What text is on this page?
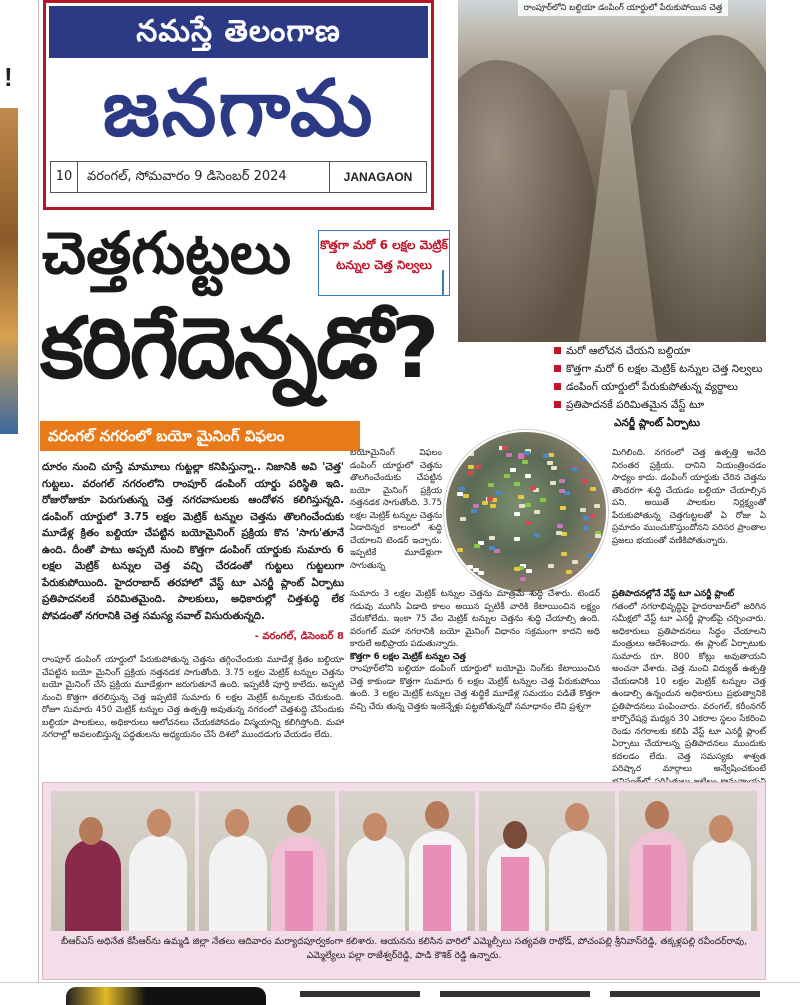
!
నమస్తే తెలంగాణ
జనగామ
10	వరంగల్, సోమవారం 9 డిసెంబర్ 2024	JANAGAON
రాంపూర్‌లోని బల్దియా డంపింగ్ యార్డులో పేరుకుపోయిన చెత్త
చెత్తగుట్టలు కొత్తగా మరో 6 లక్షల మెట్రిక్ టన్నుల చెత్త నిల్వలు
కరిగేదెన్నడో?	మరో ఆలోచన చేయని బల్దియా
కొత్తగా మరో 6 లక్షల మెట్రిక్ టన్నుల చెత్త నిల్వలు
డంపింగ్ యార్డులో పేరుకుపోతున్న వ్యర్థాలు
ప్రతిపాదనకే పరిమితమైన వేస్ట్ టూ
ఎనర్జీ ప్లాంట్ ఏర్పాటు
వరంగల్ నగరంలో బయో మైనింగ్ విఫలం
దూరం నుంచి చూస్తే మామూలు గుట్టల్లా కనిపిస్తున్నా.. నిజానికి అవి 'చెత్త' గుట్టలు. వరంగల్ నగరంలోని రాంపూర్ డంపింగ్ యార్డు పరిస్థితి ఇది. రోజురోజుకూ పెరుగుతున్న చెత్త నగరవాసులకు ఆందోళన కలిగిస్తున్నది. డంపింగ్ యార్డులో 3.75 లక్షల మెట్రిక్ టన్నుల చెత్తను తొలగించేందుకు మూడేళ్ల క్రితం బల్దియా చేపట్టిన బయోమైనింగ్ ప్రక్రియ కొన 'సాగు'తూనే ఉంది. దీంతో పాటు అప్పటి నుంచి కొత్తగా డంపింగ్ యార్డుకు సుమారు 6 లక్షల మెట్రిక్ టన్నుల చెత్త వచ్చి చేరడంతో గుట్టలు గుట్టలుగా పేరుకుపోయింది. హైదరాబాద్ తరహాలో వేస్ట్ టూ ఎనర్జీ ప్లాంట్ ఏర్పాటు ప్రతిపాదనలకే పరిమితమైంది. పాలకులు, అధికారుల్లో చిత్తశుద్ధి లేక పోవడంతో నగరానికి చెత్త సమస్య సవాల్ విసురుతున్నది.
- వరంగల్, డిసెంబర్ 8
రాంపూర్ డంపింగ్ యార్డులో పేరుకుపోతున్న చెత్తను తగ్గించేందుకు మూడేళ్ల క్రితం బల్దియా చేపట్టిన బయో మైనింగ్ ప్రక్రియ నత్తనడక సాగుతోంది. 3.75 లక్షల మెట్రిక్ టన్నుల చెత్తను బయో మైనింగ్ చేసే ప్రక్రియ మూడేళ్లుగా జరుగుతూనే ఉంది. ఇప్పటికీ పూర్తి కాలేదు. అప్పటి నుంచి కొత్తగా తరలిస్తున్న చెత్త ఇప్పటికే సుమారు 6 లక్షల మెట్రిక్ టన్నులకు చేరుకుంది. రోజూ సుమారు 450 మెట్రిక్ టన్నుల చెత్త ఉత్పత్తి అవుతున్న నగరంలో చెత్తశుద్ధి చేసేందుకు బల్దియా పాలకులు, అధికారులు ఆలోచనలు చేయకపోవడం విస్మయాన్ని కలిగిస్తోంది. మహా నగరాల్లో అవలంబిస్తున్న పద్ధతులను అధ్యయనం చేసే దిశలో ముందడుగు వేయడం లేదు.
బయోమైనింగ్ విఫలం డంపింగ్ యార్డులో చెత్తను తొలగించేందుకు చేపట్టిన బయో మైనింగ్ ప్రక్రియ నత్తనడక సాగుతోంది. 3.75 లక్షల మెట్రిక్ టన్నుల చెత్తను ఏడాదిన్నర కాలంలో శుద్ధి చేయాలని టెండర్ ఇచ్చారు. ఇప్పటికే మూడేళ్లుగా సాగుతున్న
సుమారు 3 లక్షల మెట్రిక్ టన్నుల చెత్తను మాత్రమే శుద్ధి చేశారు. టెండర్ గడువు ముగిసి ఏడాది కాలం అయిన ప్పటికీ వారికి కేటాయించిన లక్ష్యం చేరుకోలేదు. ఇంకా 75 వేల మెట్రిక్ టన్నుల చెత్తను శుద్ధి చేయాల్సి ఉంది. వరంగల్ మహా నగరానికి బయో మైనింగ్ విధానం సక్రమంగా కాదని అధి కారులే అభిప్రాయ పడుతున్నారు.
కొత్తగా 6 లక్షల మెట్రిక్ టన్నుల చెత్త
రాంపూర్‌లోని బల్దియా డంపింగ్ యార్డులో బయోమై నింగ్‌కు కేటాయించిన చెత్త కాకుండా కొత్తగా సుమారు 6 లక్షల మెట్రిక్ టన్నుల చెత్త పేరుకుపోయి ఉంది. 3 లక్షల మెట్రిక్ టన్నుల చెత్త శుద్ధికే మూడేళ్ల సమయం పడితే కొత్తగా వచ్చి చేరు తున్న చెత్తకు ఇంకెన్నేళ్లు పట్టబోతున్నదో సమాధానం లేని ప్రశ్నగా
మిగిలింది. నగరంలో చెత్త ఉత్పత్తి అనేది నిరంతర ప్రక్రియ. దానిని నియంత్రించడం సాధ్యం కాదు. డంపింగ్ యార్డుకు చేరిన చెత్తను తొందరగా శుద్ధి చేయడం బల్దియా చేయాల్సిన పని. అయితే పాలకుల నిర్లక్ష్యంతో పేరుకుపోతున్న చెత్తగుట్టలతో ఏ రోజు ఏ ప్రమాదం ముంచుకొస్తుందోనని పరిసర ప్రాంతాల ప్రజలు భయంతో వణికిపోతున్నారు.
ప్రతిపాదనల్లోనే వేస్ట్ టూ ఎనర్జీ ప్లాంట్
గతంలో నగరాభివృద్ధిపై హైదరాబాద్‌లో జరిగిన సమీక్షలో వేస్ట్ టూ ఎనర్జీ ప్లాంట్‌పై చర్చించారు. అధికారులు ప్రతిపాదనలు సిద్ధం చేయాలని మంత్రులు ఆదేశించారు. ఈ ప్లాంట్ ఏర్పాటుకు సుమారు రూ. 800 కోట్లు అవుతాయని అంచనా వేశారు. చెత్త నుంచి విద్యుత్ ఉత్పత్తి చేయడానికి 10 లక్షల మెట్రిక్ టన్నుల చెత్త ఉండాల్సి ఉన్నందున అధికారులు ప్రభుత్వానికి ప్రతిపాదనలు పంపించారు. వరంగల్, కరీంనగర్ కార్పొరేషన్ల మధ్యన 30 ఎకరాల స్థలం సేకరించి రెండు నగరాలకు కలిపి వేస్ట్ టూ ఎనర్జీ ప్లాంట్ ఏర్పాటు చేయాలన్న ప్రతిపాదనలు ముందుకు కదలడం లేదు. చెత్త సమస్యకు శాశ్వత పరిష్కార మార్గాలు అన్వేషించకుంటే
బీఆర్ఎస్ అధినేత కేసీఆర్‌ను ఉమ్మడి జిల్లా నేతలు ఆదివారం మర్యాదపూర్వకంగా కలిశారు. ఆయనను కలిసిన వారిలో ఎమ్మెల్సీలు సత్యవతి రాథోడ్, పోచంపల్లి శ్రీనివాస్‌రెడ్డి, తక్కళ్లపల్లి రవీందర్‌రావు, ఎమ్మెల్యేలు పల్లా రాజేశ్వర్‌రెడ్డి, పాడి కౌశిక్ రెడ్డి ఉన్నారు.
